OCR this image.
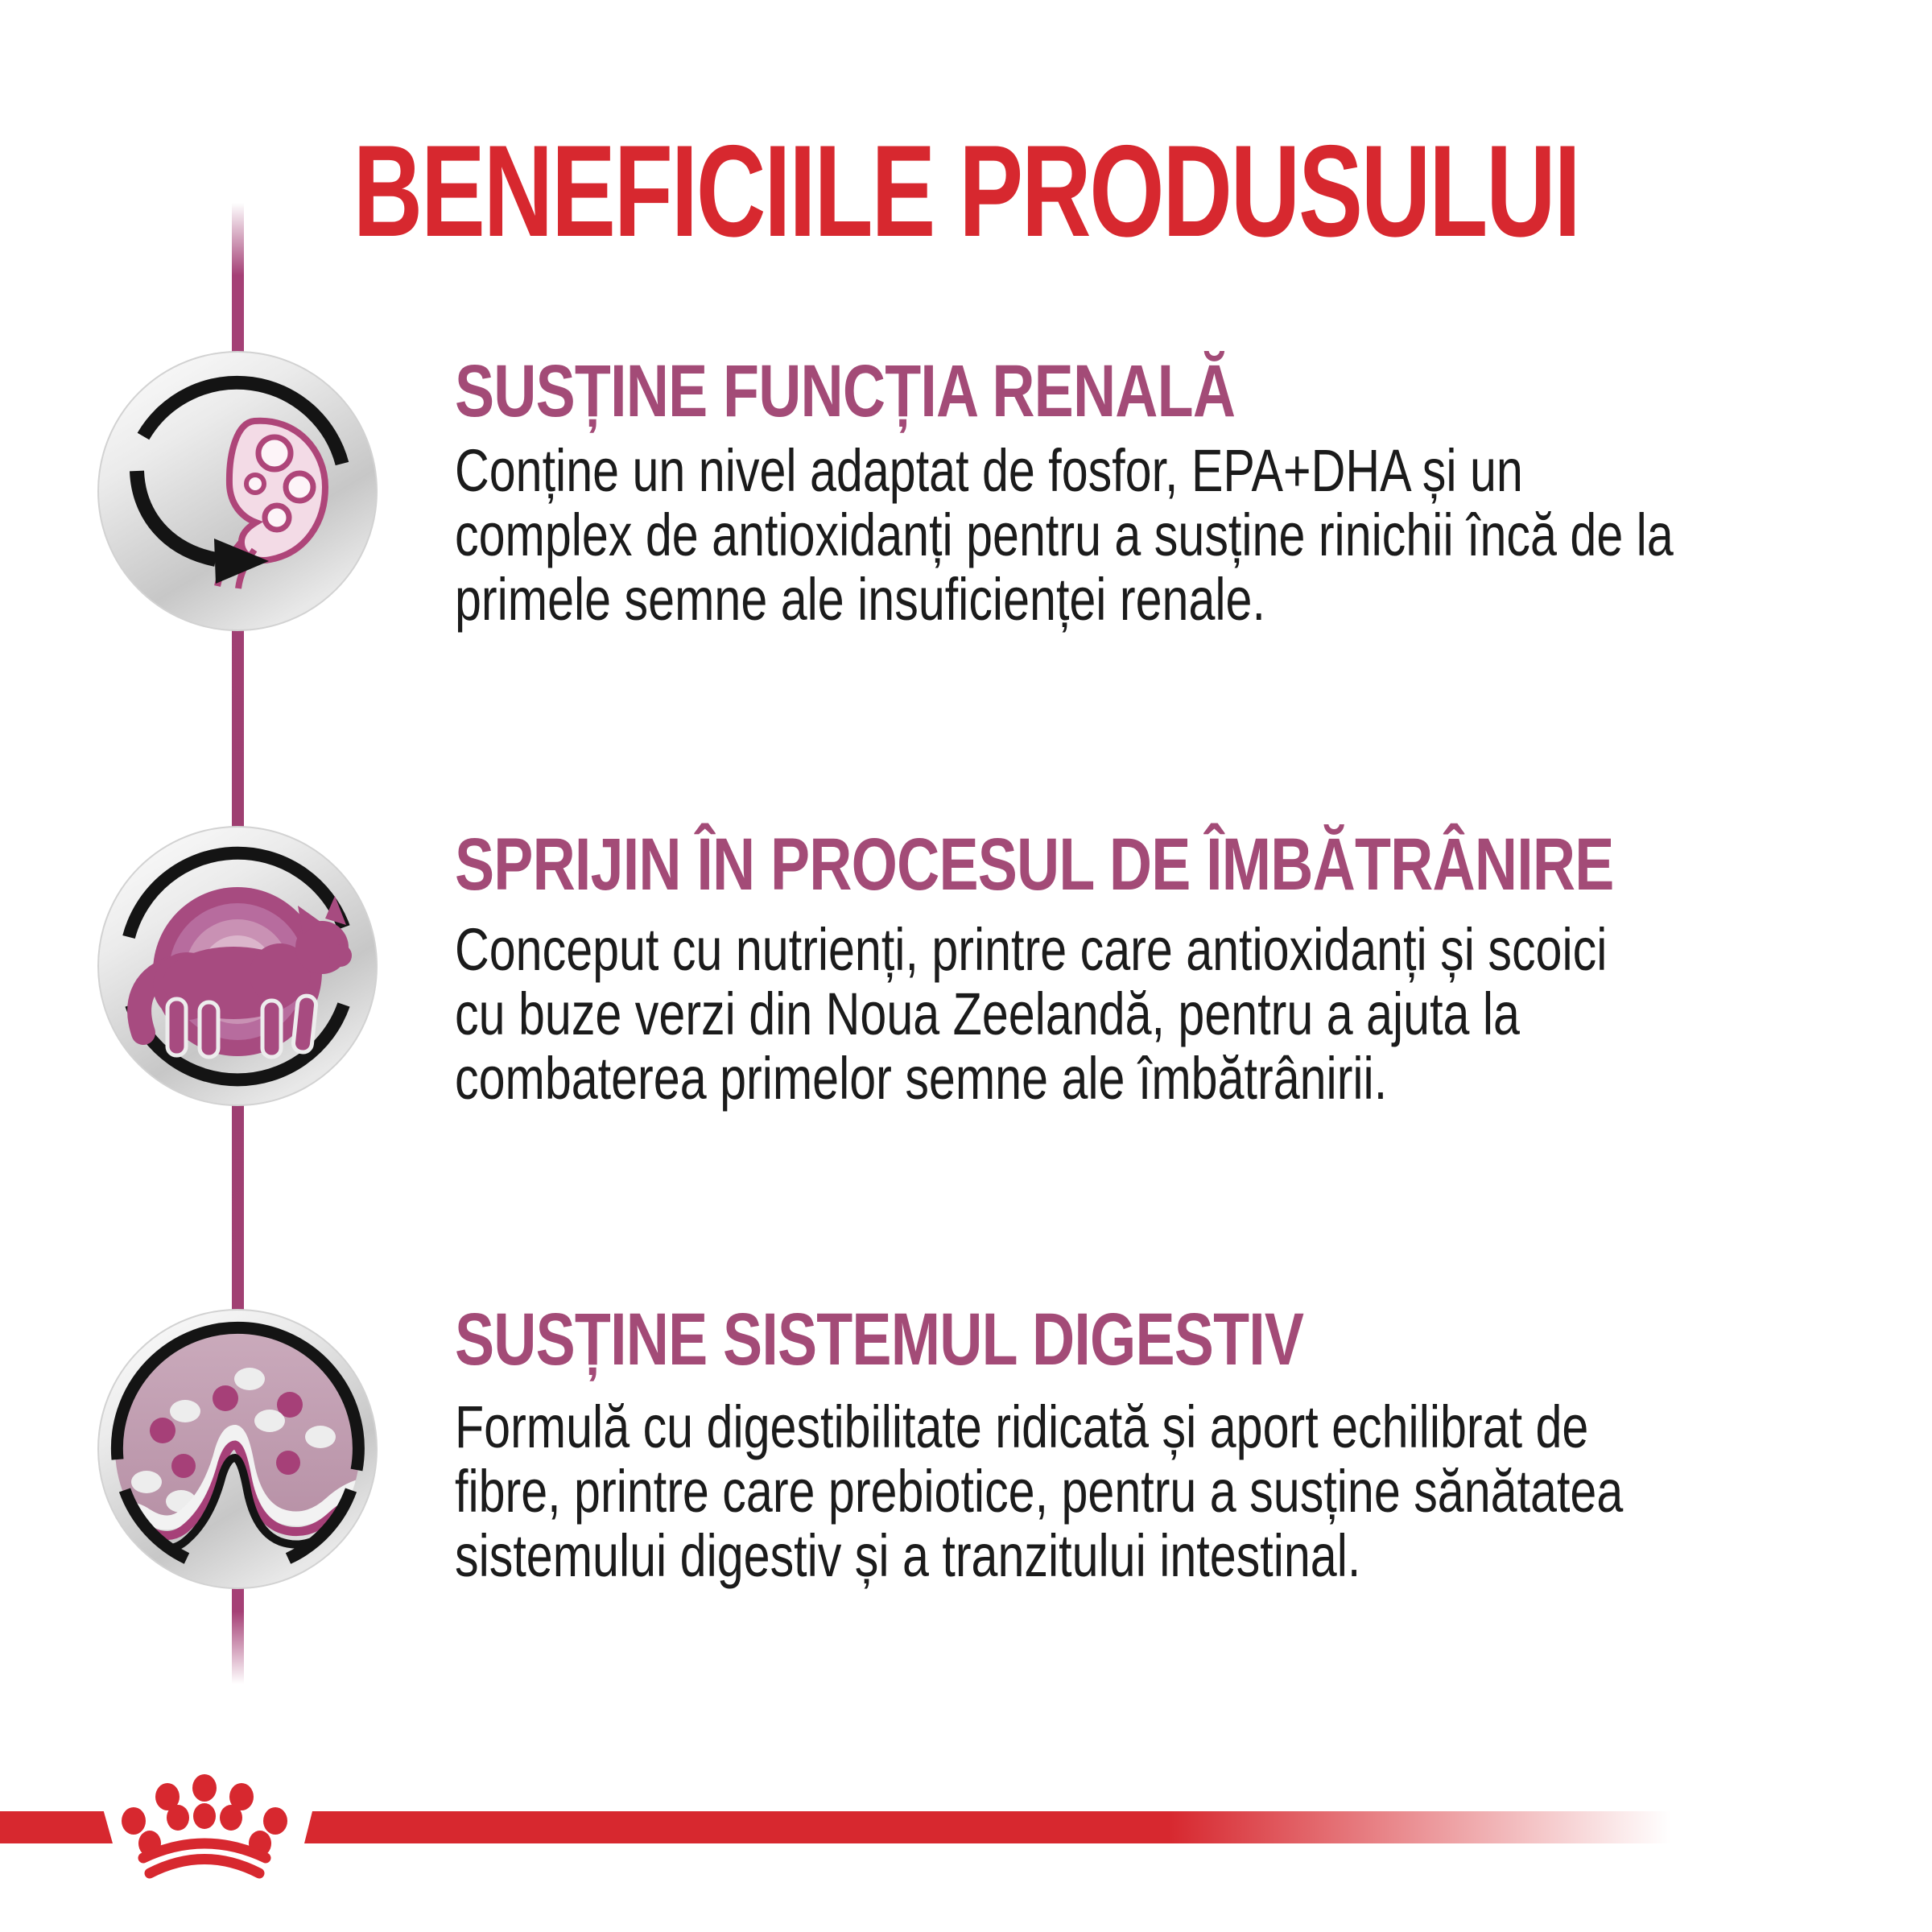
BENEFICIILE PRODUSULUI
SUSȚINE FUNCȚIA RENALĂ
Conține un nivel adaptat de fosfor, EPA+DHA și un
complex de antioxidanți pentru a susține rinichii încă de la
primele semne ale insuficienței renale.
SPRIJIN ÎN PROCESUL DE ÎMBĂTRÂNIRE
Conceput cu nutrienți, printre care antioxidanți și scoici
cu buze verzi din Noua Zeelandă, pentru a ajuta la
combaterea primelor semne ale îmbătrânirii.
SUSȚINE SISTEMUL DIGESTIV
Formulă cu digestibilitate ridicată și aport echilibrat de
fibre, printre care prebiotice, pentru a susține sănătatea
sistemului digestiv și a tranzitului intestinal.
